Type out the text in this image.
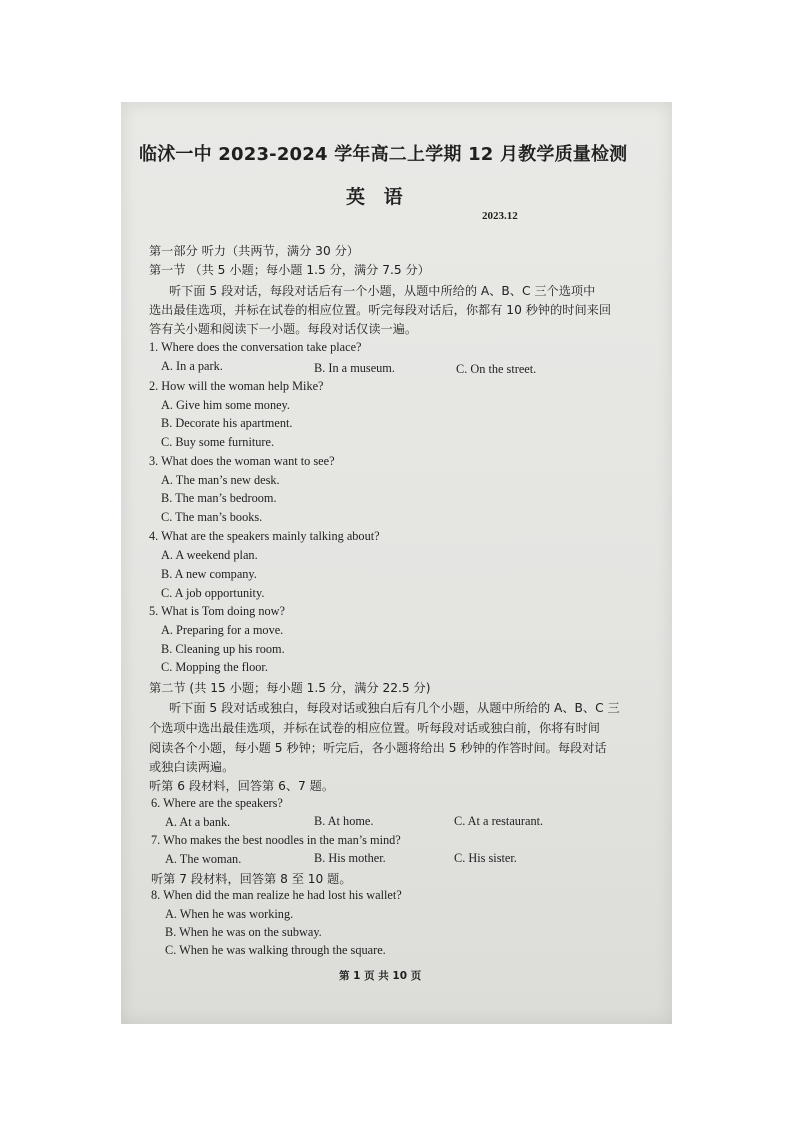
临沭一中 2023-2024 学年高二上学期 12 月教学质量检测
英 语
2023.12
第一部分 听力（共两节，满分 30 分）
第一节 （共 5 小题；每小题 1.5 分，满分 7.5 分）
听下面 5 段对话，每段对话后有一个小题，从题中所给的 A、B、C 三个选项中
选出最佳选项，并标在试卷的相应位置。听完每段对话后，你都有 10 秒钟的时间来回
答有关小题和阅读下一小题。每段对话仅读一遍。
1. Where does the conversation take place?
A. In a park.	B. In a museum.	C. On the street.
2. How will the woman help Mike?
A. Give him some money.
B. Decorate his apartment.
C. Buy some furniture.
3. What does the woman want to see?
A. The man’s new desk.
B. The man’s bedroom.
C. The man’s books.
4. What are the speakers mainly talking about?
A. A weekend plan.
B. A new company.
C. A job opportunity.
5. What is Tom doing now?
A. Preparing for a move.
B. Cleaning up his room.
C. Mopping the floor.
第二节 (共 15 小题；每小题 1.5 分，满分 22.5 分)
听下面 5 段对话或独白，每段对话或独白后有几个小题，从题中所给的 A、B、C 三
个选项中选出最佳选项，并标在试卷的相应位置。听每段对话或独白前，你将有时间
阅读各个小题，每小题 5 秒钟；听完后，各小题将给出 5 秒钟的作答时间。每段对话
或独白读两遍。
听第 6 段材料，回答第 6、7 题。
6. Where are the speakers?
A. At a bank.	B. At home.	C. At a restaurant.
7. Who makes the best noodles in the man’s mind?
A. The woman.	B. His mother.	C. His sister.
听第 7 段材料，回答第 8 至 10 题。
8. When did the man realize he had lost his wallet?
A. When he was working.
B. When he was on the subway.
C. When he was walking through the square.
第 1 页 共 10 页
